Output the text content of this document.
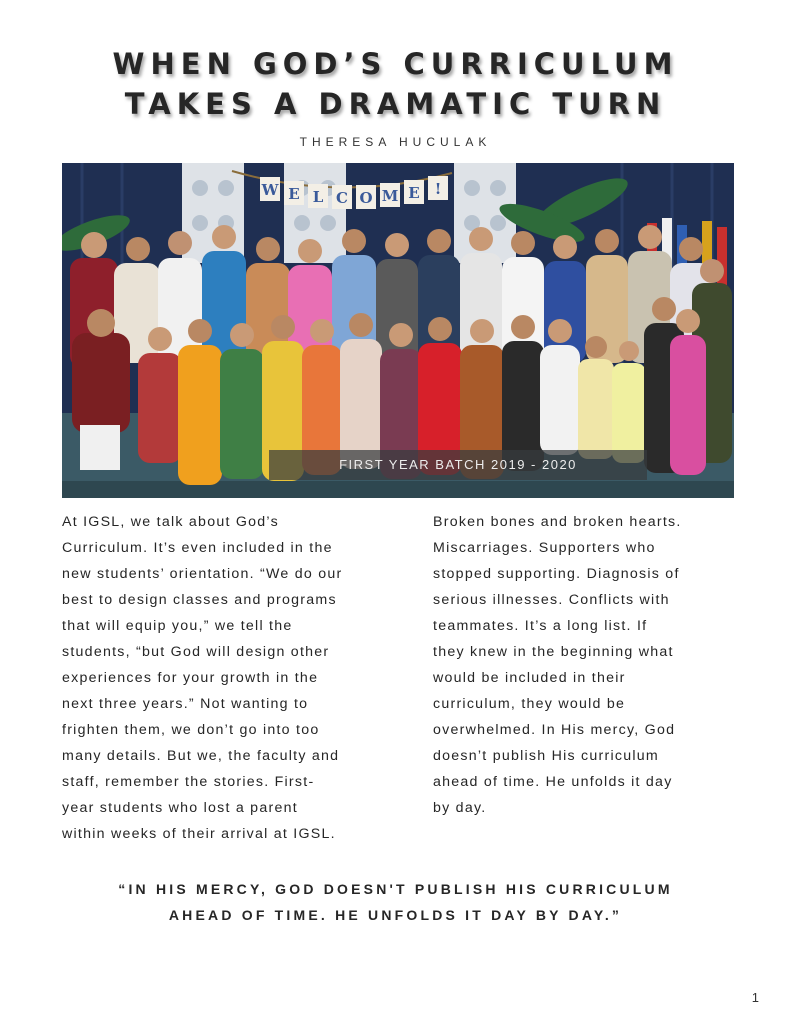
WHEN GOD’S CURRICULUM
TAKES A DRAMATIC TURN
THERESA HUCULAK
W E L C O M E !
FIRST YEAR BATCH 2019 - 2020
At IGSL, we talk about God’s
Curriculum. It’s even included in the
new students’ orientation. “We do our
best to design classes and programs
that will equip you,” we tell the
students, “but God will design other
experiences for your growth in the
next three years.” Not wanting to
frighten them, we don’t go into too
many details. But we, the faculty and
staff, remember the stories. First-
year students who lost a parent
within weeks of their arrival at IGSL.
Broken bones and broken hearts.
Miscarriages. Supporters who
stopped supporting. Diagnosis of
serious illnesses. Conflicts with
teammates. It’s a long list. If
they knew in the beginning what
would be included in their
curriculum, they would be
overwhelmed. In His mercy, God
doesn’t publish His curriculum
ahead of time. He unfolds it day
by day.
“IN HIS MERCY, GOD DOESN'T PUBLISH HIS CURRICULUM
AHEAD OF TIME. HE UNFOLDS IT DAY BY DAY.”
1
